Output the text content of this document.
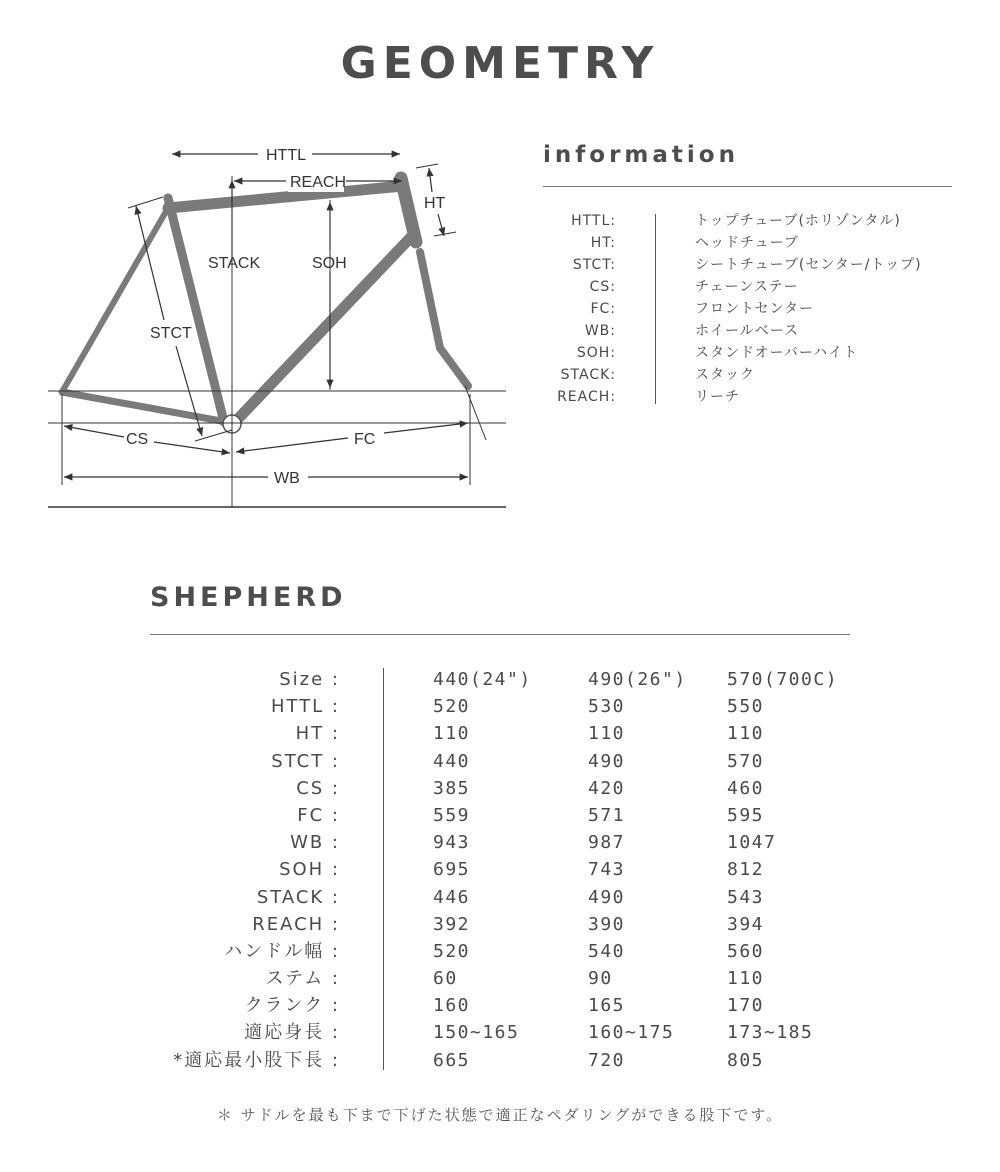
GEOMETRY
HTTL
REACH
HT
STACK	SOH
STCT
CS	FC
WB
information
HTTL:	トップチューブ(ホリゾンタル)
HT:	ヘッドチューブ
STCT:	シートチューブ(センター/トップ)
CS:	チェーンステー
FC:	フロントセンター
WB:	ホイールベース
SOH:	スタンドオーバーハイト
STACK:	スタック
REACH:	リーチ
SHEPHERD
Size :	440(24")	490(26") 570(700C)
HTTL :	520	530	550
HT :	110	110	110
STCT :	440	490	570
CS :	385	420	460
FC :	559	571	595
WB :	943	987	1047
SOH :	695	743	812
STACK :	446	490	543
REACH :	392	390	394
ハンドル幅 :	520	540	560
ステム :	60	90	110
クランク :	160	165	170
適応身長 :	150~165	160~175	173~185
*適応最小股下長 :	665	720	805

＊ サドルを最も下まで下げた状態で適正なペダリングができる股下です。
